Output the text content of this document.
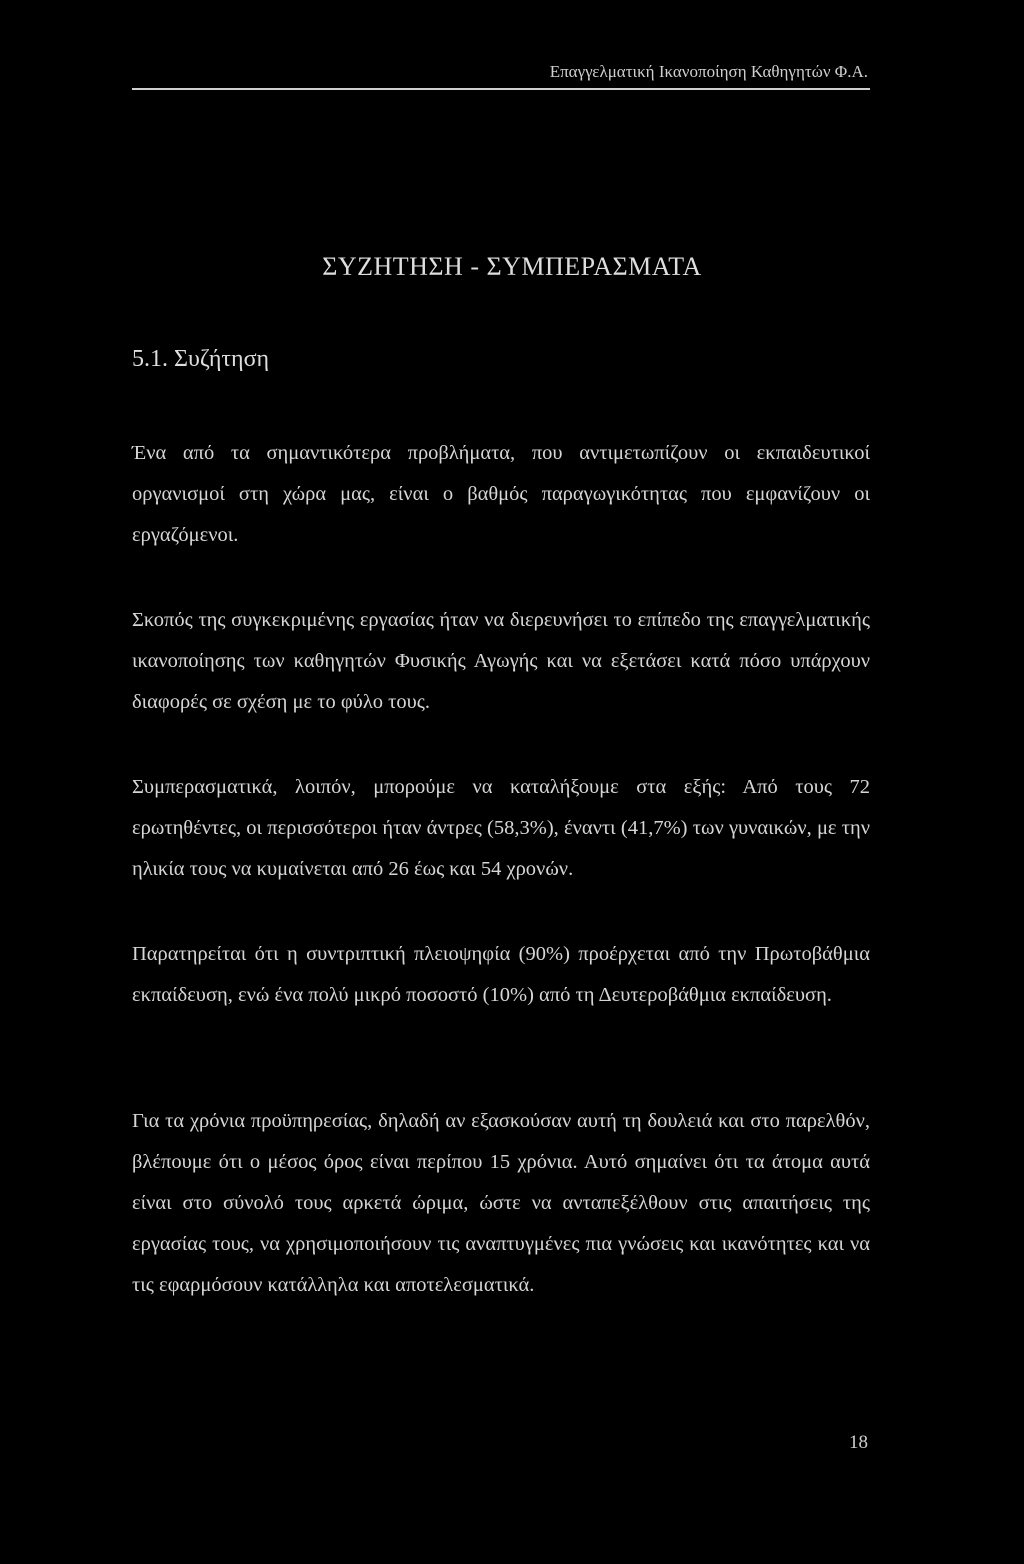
Επαγγελματική Ικανοποίηση Καθηγητών Φ.Α.
ΣΥΖΗΤΗΣΗ - ΣΥΜΠΕΡΑΣΜΑΤΑ
5.1. Συζήτηση

Ένα από τα σημαντικότερα προβλήματα, που αντιμετωπίζουν οι εκπαιδευτικοί οργανισμοί στη χώρα μας, είναι ο βαθμός παραγωγικότητας που εμφανίζουν οι εργαζόμενοι.

Σκοπός της συγκεκριμένης εργασίας ήταν να διερευνήσει το επίπεδο της επαγγελματικής ικανοποίησης των καθηγητών Φυσικής Αγωγής και να εξετάσει κατά πόσο υπάρχουν διαφορές σε σχέση με το φύλο τους.

Συμπερασματικά, λοιπόν, μπορούμε να καταλήξουμε στα εξής: Από τους 72 ερωτηθέντες, οι περισσότεροι ήταν άντρες (58,3%), έναντι (41,7%) των γυναικών, με την ηλικία τους να κυμαίνεται από 26 έως και 54 χρονών.

Παρατηρείται ότι η συντριπτική πλειοψηφία (90%) προέρχεται από την Πρωτοβάθμια εκπαίδευση, ενώ ένα πολύ μικρό ποσοστό (10%) από τη Δευτεροβάθμια εκπαίδευση.

Για τα χρόνια προϋπηρεσίας, δηλαδή αν εξασκούσαν αυτή τη δουλειά και στο παρελθόν, βλέπουμε ότι ο μέσος όρος είναι περίπου 15 χρόνια. Αυτό σημαίνει ότι τα άτομα αυτά είναι στο σύνολό τους αρκετά ώριμα, ώστε να ανταπεξέλθουν στις απαιτήσεις της εργασίας τους, να χρησιμοποιήσουν τις αναπτυγμένες πια γνώσεις και ικανότητες και να τις εφαρμόσουν κατάλληλα και αποτελεσματικά.

18
